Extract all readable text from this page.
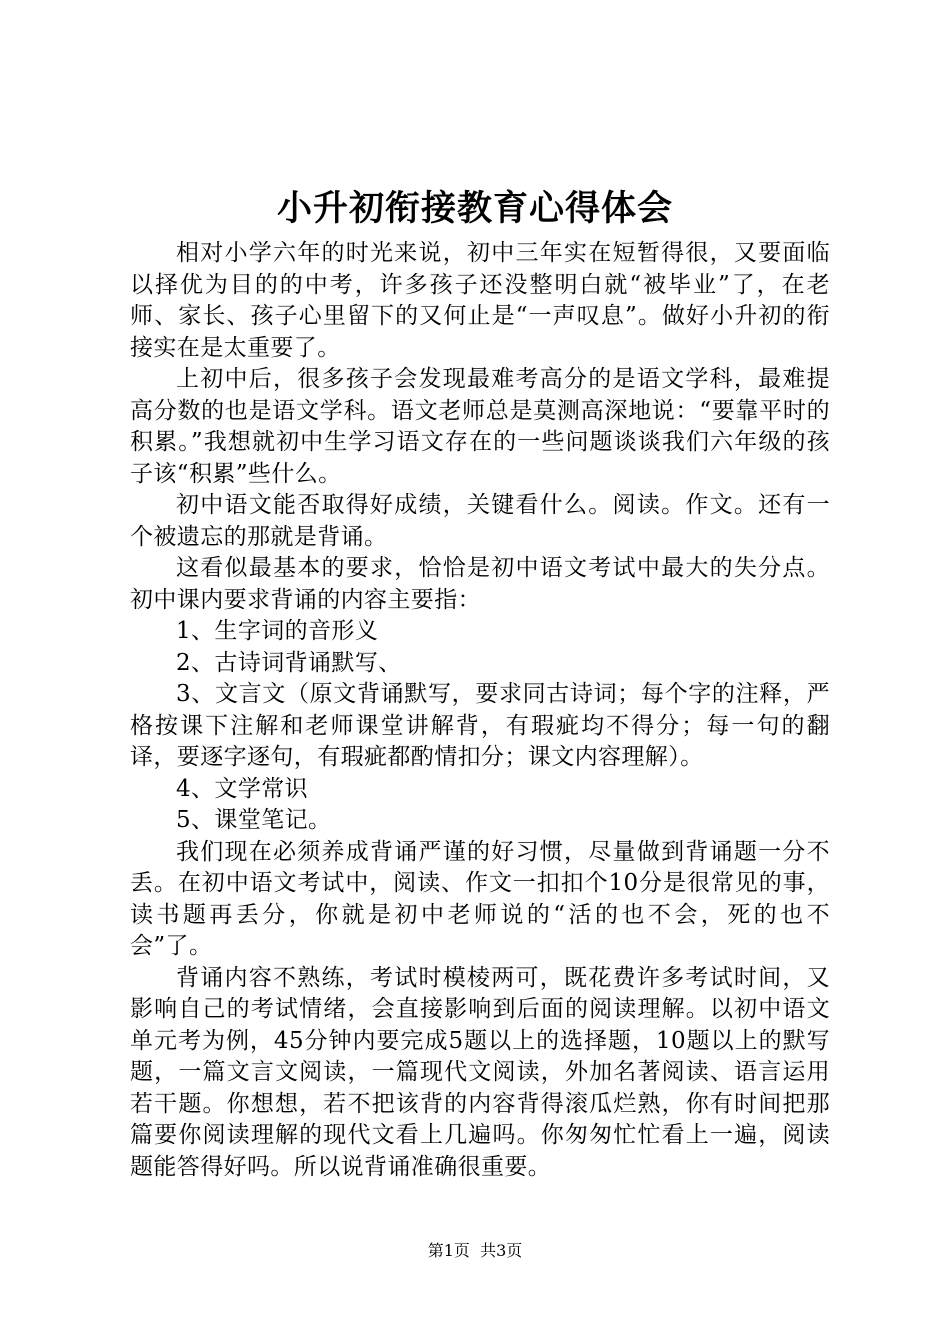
小升初衔接教育心得体会

相对小学六年的时光来说，初中三年实在短暂得很，又要面临以择优为目的的中考，许多孩子还没整明白就“被毕业”了，在老师、家长、孩子心里留下的又何止是“一声叹息”。做好小升初的衔接实在是太重要了。

上初中后，很多孩子会发现最难考高分的是语文学科，最难提高分数的也是语文学科。语文老师总是莫测高深地说：“要靠平时的积累。”我想就初中生学习语文存在的一些问题谈谈我们六年级的孩子该“积累”些什么。

初中语文能否取得好成绩，关键看什么。阅读。作文。还有一个被遗忘的那就是背诵。

这看似最基本的要求，恰恰是初中语文考试中最大的失分点。初中课内要求背诵的内容主要指：

1、生字词的音形义

2、古诗词背诵默写、

3、文言文（原文背诵默写，要求同古诗词；每个字的注释，严格按课下注解和老师课堂讲解背，有瑕疵均不得分；每一句的翻译，要逐字逐句，有瑕疵都酌情扣分；课文内容理解）。

4、文学常识

5、课堂笔记。

我们现在必须养成背诵严谨的好习惯，尽量做到背诵题一分不丢。在初中语文考试中，阅读、作文一扣扣个10分是很常见的事，读书题再丢分，你就是初中老师说的“活的也不会，死的也不会”了。

背诵内容不熟练，考试时模棱两可，既花费许多考试时间，又影响自己的考试情绪，会直接影响到后面的阅读理解。以初中语文单元考为例，45分钟内要完成5题以上的选择题，10题以上的默写题，一篇文言文阅读，一篇现代文阅读，外加名著阅读、语言运用若干题。你想想，若不把该背的内容背得滚瓜烂熟，你有时间把那篇要你阅读理解的现代文看上几遍吗。你匆匆忙忙看上一遍，阅读题能答得好吗。所以说背诵准确很重要。

第1页  共3页
